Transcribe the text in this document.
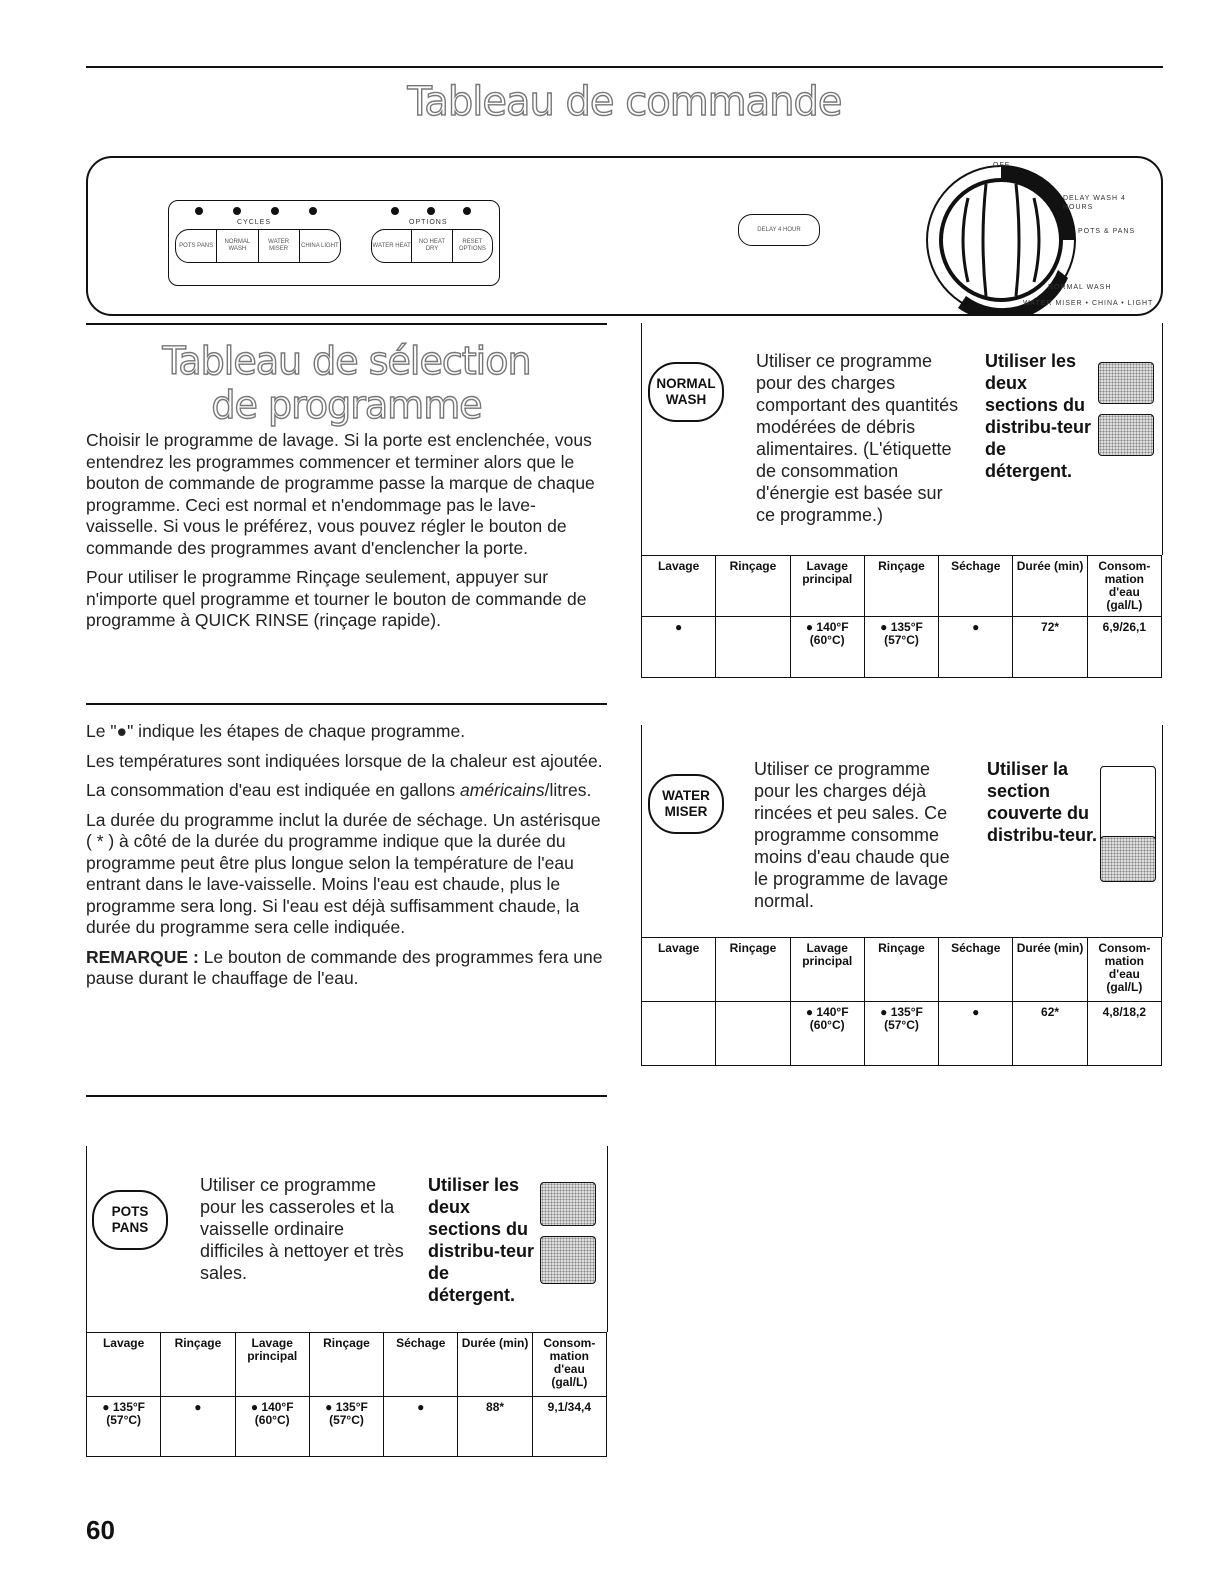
Tableau de commande
CYCLES	OPTIONS
POTS PANS
NORMAL WASH
WATER MISER
CHINA LIGHT	WATER HEAT
NO HEAT DRY
RESET OPTIONS
DELAY 4 HOUR
OFF
DELAY WASH 4 HOURS
POTS & PANS
NORMAL WASH
WATER MISER • CHINA • LIGHT
Tableau de sélection
de programme

Choisir le programme de lavage. Si la porte est enclenchée, vous entendrez les programmes commencer et terminer alors que le bouton de commande de programme passe la marque de chaque programme. Ceci est normal et n'endommage pas le lave-vaisselle. Si vous le préférez, vous pouvez régler le bouton de commande des programmes avant d'enclencher la porte.

Pour utiliser le programme Rinçage seulement, appuyer sur n'importe quel programme et tourner le bouton de commande de programme à QUICK RINSE (rinçage rapide).

Le "●" indique les étapes de chaque programme.

Les températures sont indiquées lorsque de la chaleur est ajoutée.

La consommation d'eau est indiquée en gallons américains/litres.

La durée du programme inclut la durée de séchage. Un astérisque ( * ) à côté de la durée du programme indique que la durée du programme peut être plus longue selon la température de l'eau entrant dans le lave-vaisselle. Moins l'eau est chaude, plus le programme sera long. Si l'eau est déjà suffisamment chaude, la durée du programme sera celle indiquée.

REMARQUE : Le bouton de commande des programmes fera une pause durant le chauffage de l'eau.

NORMAL
WASH
Utiliser ce programme pour des charges comportant des quantités modérées de débris alimentaires. (L'étiquette de consommation d'énergie est basée sur ce programme.)
Utiliser les deux sections du distribu-teur de détergent.
Lavage	Rinçage	Lavage principal	Rinçage	Séchage	Durée (min)	Consom-mation d'eau (gal/L)
●		● 140°F (60°C)	● 135°F (57°C)	●	72*	6,9/26,1
WATER
MISER
Utiliser ce programme pour les charges déjà rincées et peu sales. Ce programme consomme moins d'eau chaude que le programme de lavage normal.
Utiliser la section couverte du distribu-teur.
Lavage	Rinçage	Lavage principal	Rinçage	Séchage	Durée (min)	Consom-mation d'eau (gal/L)
		● 140°F (60°C)	● 135°F (57°C)	●	62*	4,8/18,2
POTS
PANS
Utiliser ce programme pour les casseroles et la vaisselle ordinaire difficiles à nettoyer et très sales.
Utiliser les deux sections du distribu-teur de détergent.
Lavage	Rinçage	Lavage principal	Rinçage	Séchage	Durée (min)	Consom-mation d'eau (gal/L)
● 135°F (57°C)	●	● 140°F (60°C)	● 135°F (57°C)	●	88*	9,1/34,4
60
